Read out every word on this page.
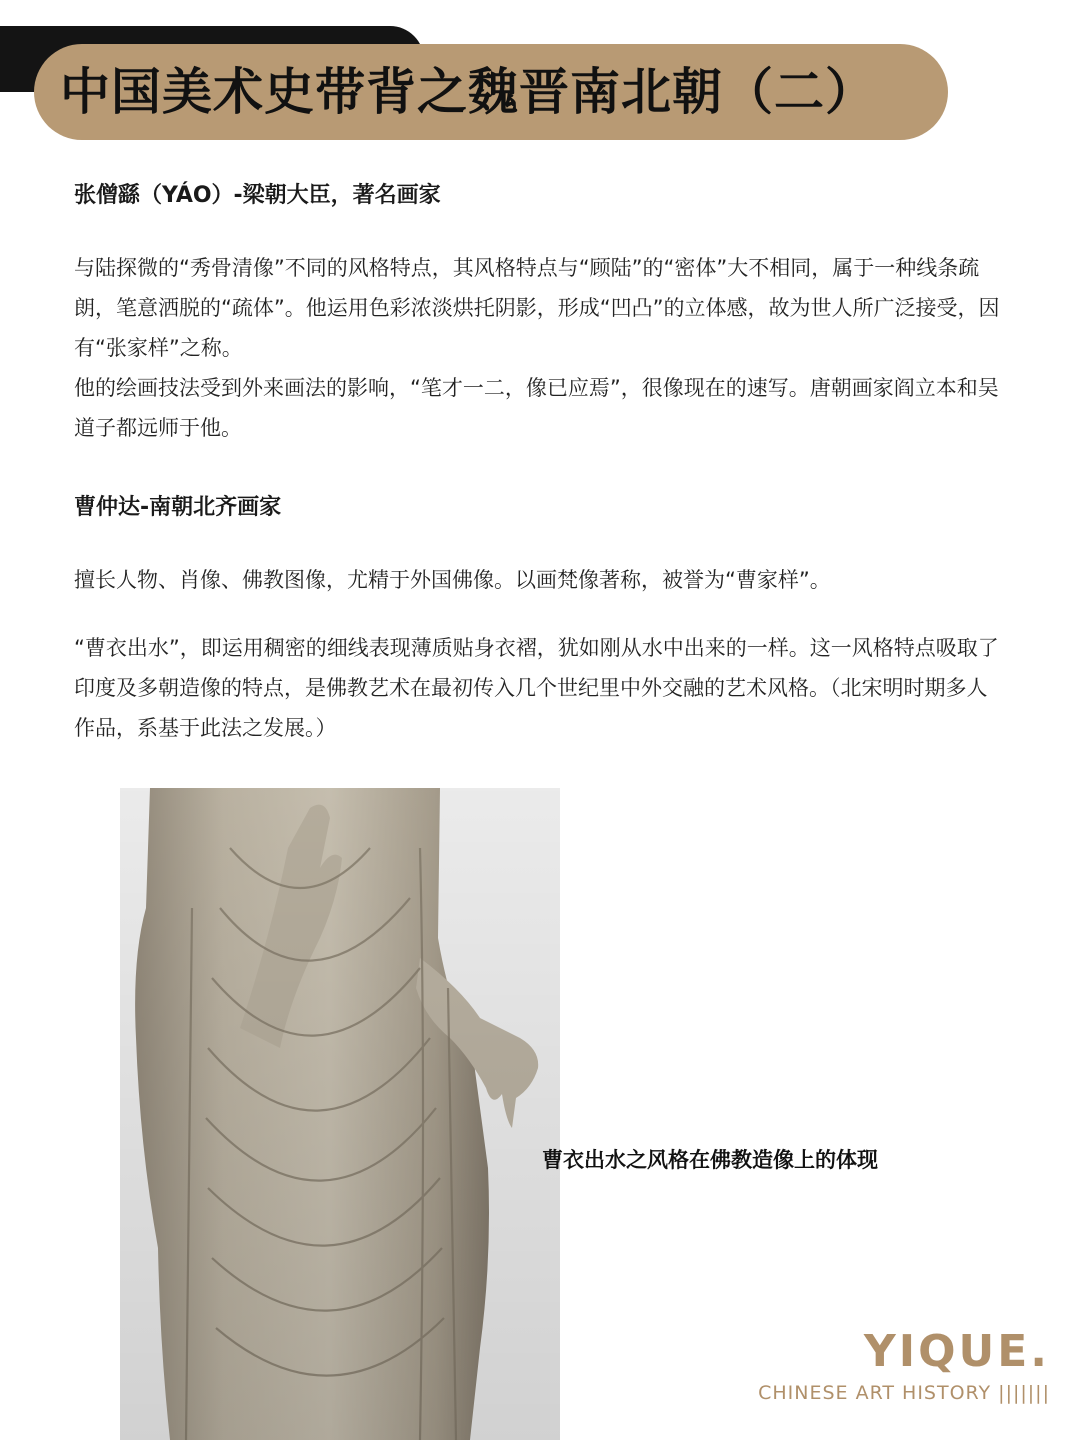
中国美术史带背之魏晋南北朝（二）
张僧繇（YÁO）-梁朝大臣，著名画家

与陆探微的“秀骨清像”不同的风格特点，其风格特点与“顾陆”的“密体”大不相同，属于一种线条疏朗，笔意洒脱的“疏体”。他运用色彩浓淡烘托阴影，形成“凹凸”的立体感，故为世人所广泛接受，因有“张家样”之称。

他的绘画技法受到外来画法的影响，“笔才一二，像已应焉”，很像现在的速写。唐朝画家阎立本和吴道子都远师于他。

曹仲达-南朝北齐画家

擅长人物、肖像、佛教图像，尤精于外国佛像。以画梵像著称，被誉为“曹家样”。

“曹衣出水”，即运用稠密的细线表现薄质贴身衣褶，犹如刚从水中出来的一样。这一风格特点吸取了印度及多朝造像的特点，是佛教艺术在最初传入几个世纪里中外交融的艺术风格。（北宋明时期多人作品，系基于此法之发展。）

曹衣出水之风格在佛教造像上的体现
YIQUE.
CHINESE ART HISTORY |||||||
